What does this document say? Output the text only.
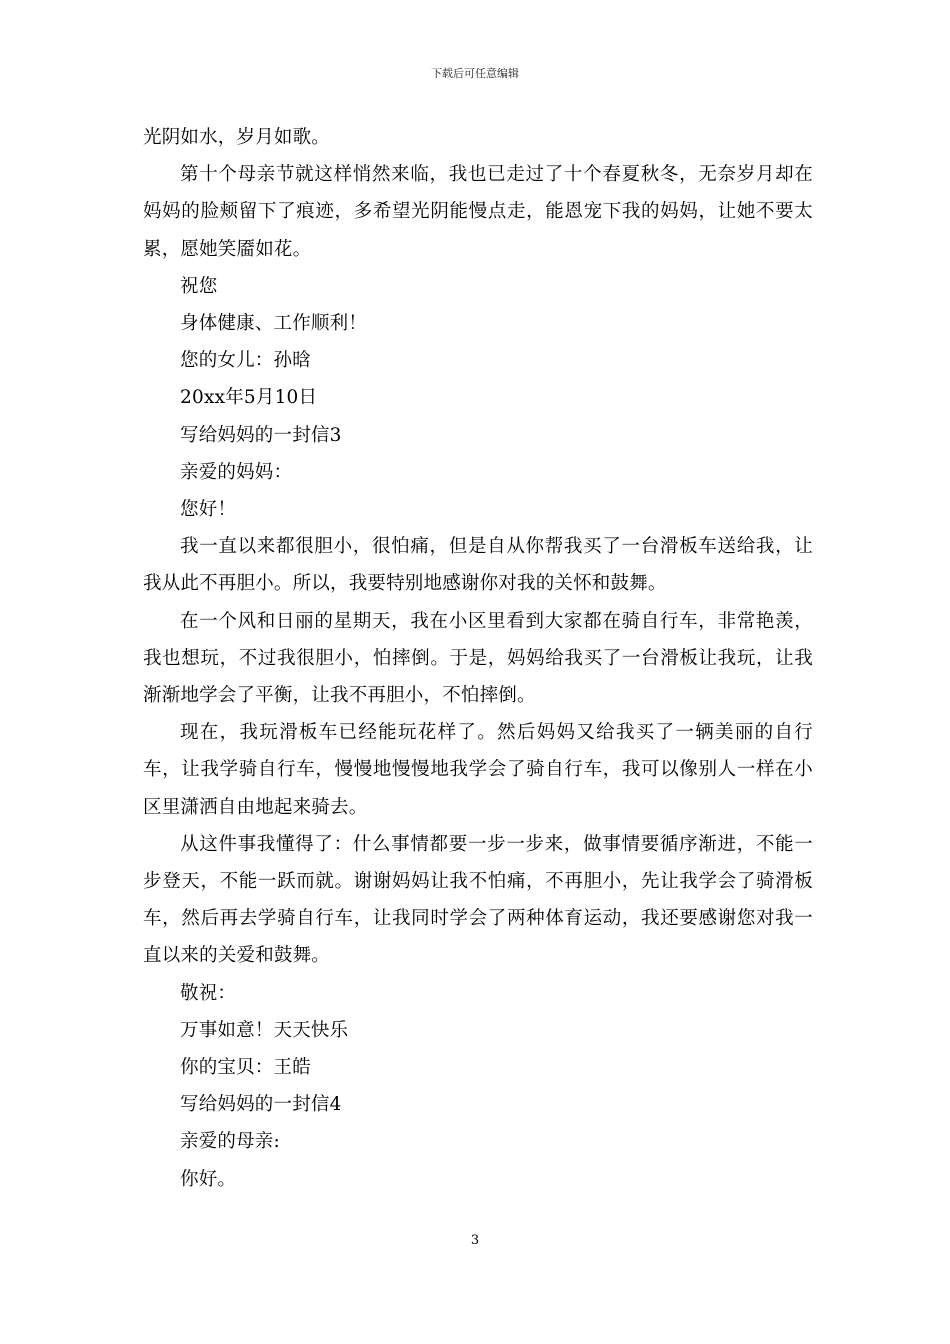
下载后可任意编辑

光阴如水，岁月如歌。

第十个母亲节就这样悄然来临，我也已走过了十个春夏秋冬，无奈岁月却在妈妈的脸颊留下了痕迹，多希望光阴能慢点走，能恩宠下我的妈妈，让她不要太累，愿她笑靥如花。

祝您

身体健康、工作顺利！

您的女儿：孙晗

20xx年5月10日

写给妈妈的一封信3

亲爱的妈妈：

您好！

我一直以来都很胆小，很怕痛，但是自从你帮我买了一台滑板车送给我，让我从此不再胆小。所以，我要特别地感谢你对我的关怀和鼓舞。

在一个风和日丽的星期天，我在小区里看到大家都在骑自行车，非常艳羡，我也想玩，不过我很胆小，怕摔倒。于是，妈妈给我买了一台滑板让我玩，让我渐渐地学会了平衡，让我不再胆小，不怕摔倒。

现在，我玩滑板车已经能玩花样了。然后妈妈又给我买了一辆美丽的自行车，让我学骑自行车，慢慢地慢慢地我学会了骑自行车，我可以像别人一样在小区里潇洒自由地起来骑去。

从这件事我懂得了：什么事情都要一步一步来，做事情要循序渐进，不能一步登天，不能一跃而就。谢谢妈妈让我不怕痛，不再胆小，先让我学会了骑滑板车，然后再去学骑自行车，让我同时学会了两种体育运动，我还要感谢您对我一直以来的关爱和鼓舞。

敬祝：

万事如意！天天快乐

你的宝贝：王皓

写给妈妈的一封信4

亲爱的母亲:

你好。

3
